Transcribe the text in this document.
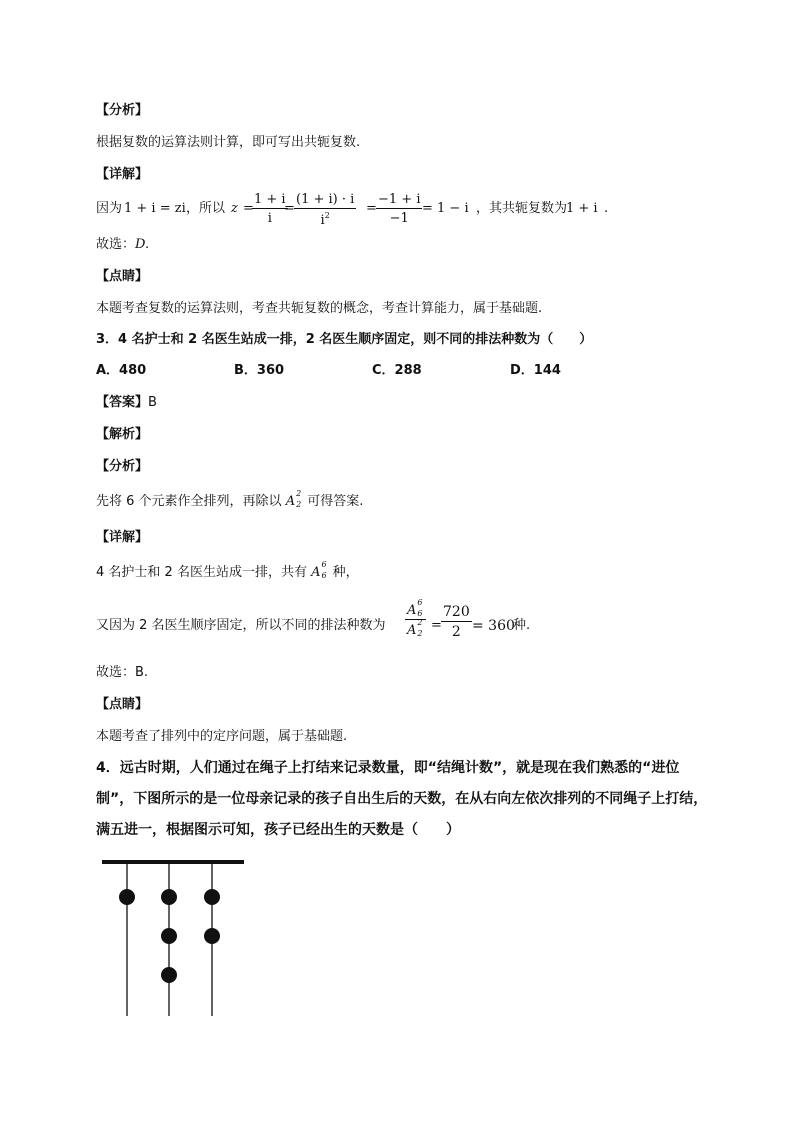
【分析】
根据复数的运算法则计算，即可写出共轭复数.
【详解】
因为 1 + i = zi ，所以 z =
$\frac{1 + i}{i}$
= $\frac{(1 + i) \cdot i}{i^2} = \frac{-1 + i}{-1} = 1 - i$ ，其共轭复数为
1 + i .
故选：D.
【点睛】
本题考查复数的运算法则，考查共轭复数的概念，考查计算能力，属于基础题.
3．4 名护士和 2 名医生站成一排，2 名医生顺序固定，则不同的排法种数为（　　）
A．480	B．360	C．288	D．144
【答案】B
【解析】
【分析】
先将 6 个元素作全排列，再除以 A
2
2 可得答案.
【详解】
4 名护士和 2 名医生站成一排，共有 A
6
6 种，
又因为 2 名医生顺序固定，所以不同的排法种数为 A
6
6
A
2
$2 = \frac{720}{2} = 360$
种.
故选：B.
【点睛】
本题考查了排列中的定序问题，属于基础题.
4．远古时期，人们通过在绳子上打结来记录数量，即“结绳计数”，就是现在我们熟悉的“进位
制”，下图所示的是一位母亲记录的孩子自出生后的天数，在从右向左依次排列的不同绳子上打结，
满五进一，根据图示可知，孩子已经出生的天数是（　　）
